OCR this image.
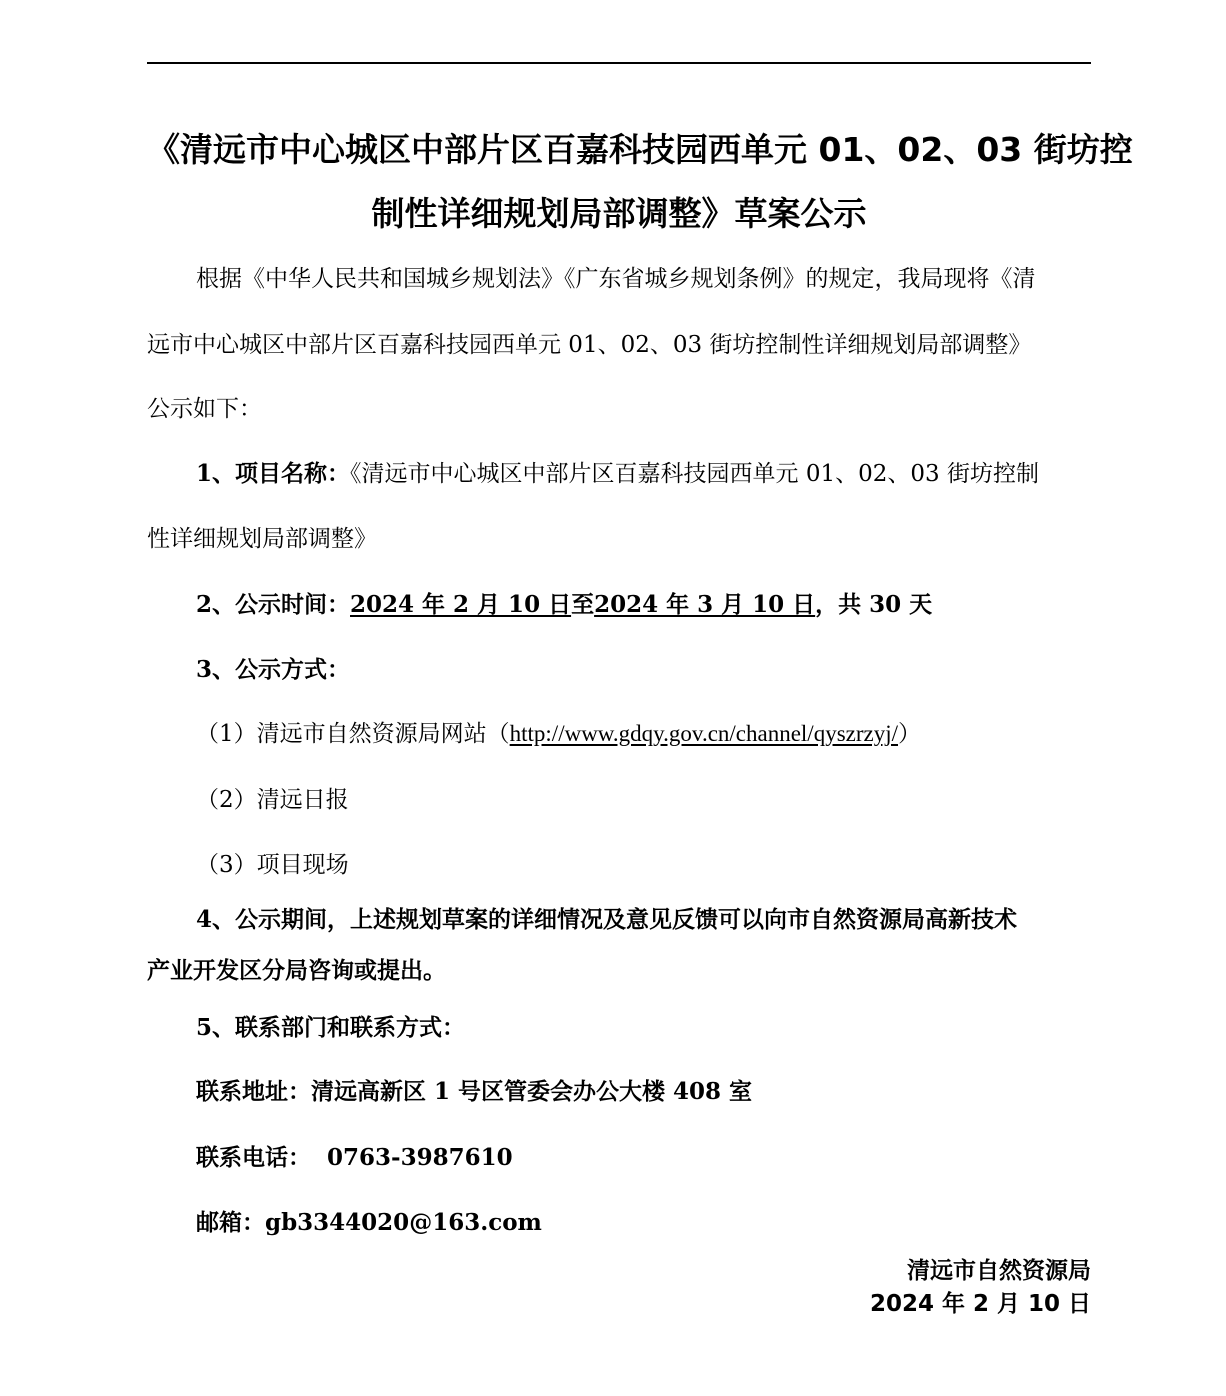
《清远市中心城区中部片区百嘉科技园西单元 01、02、03 街坊控
制性详细规划局部调整》草案公示
根据《中华人民共和国城乡规划法》《广东省城乡规划条例》的规定，我局现将《清
远市中心城区中部片区百嘉科技园西单元 01、02、03 街坊控制性详细规划局部调整》
公示如下：
1、项目名称：《清远市中心城区中部片区百嘉科技园西单元 01、02、03 街坊控制
性详细规划局部调整》
2、公示时间：2024 年 2 月 10 日至2024 年 3 月 10 日，共 30 天
3、公示方式：
（1）清远市自然资源局网站（http://www.gdqy.gov.cn/channel/qyszrzyj/）
（2）清远日报
（3）项目现场
4、公示期间，上述规划草案的详细情况及意见反馈可以向市自然资源局高新技术
产业开发区分局咨询或提出。
5、联系部门和联系方式：
联系地址：清远高新区 1 号区管委会办公大楼 408 室
联系电话： 0763-3987610
邮箱：gb3344020@163.com
清远市自然资源局
2024 年 2 月 10 日
